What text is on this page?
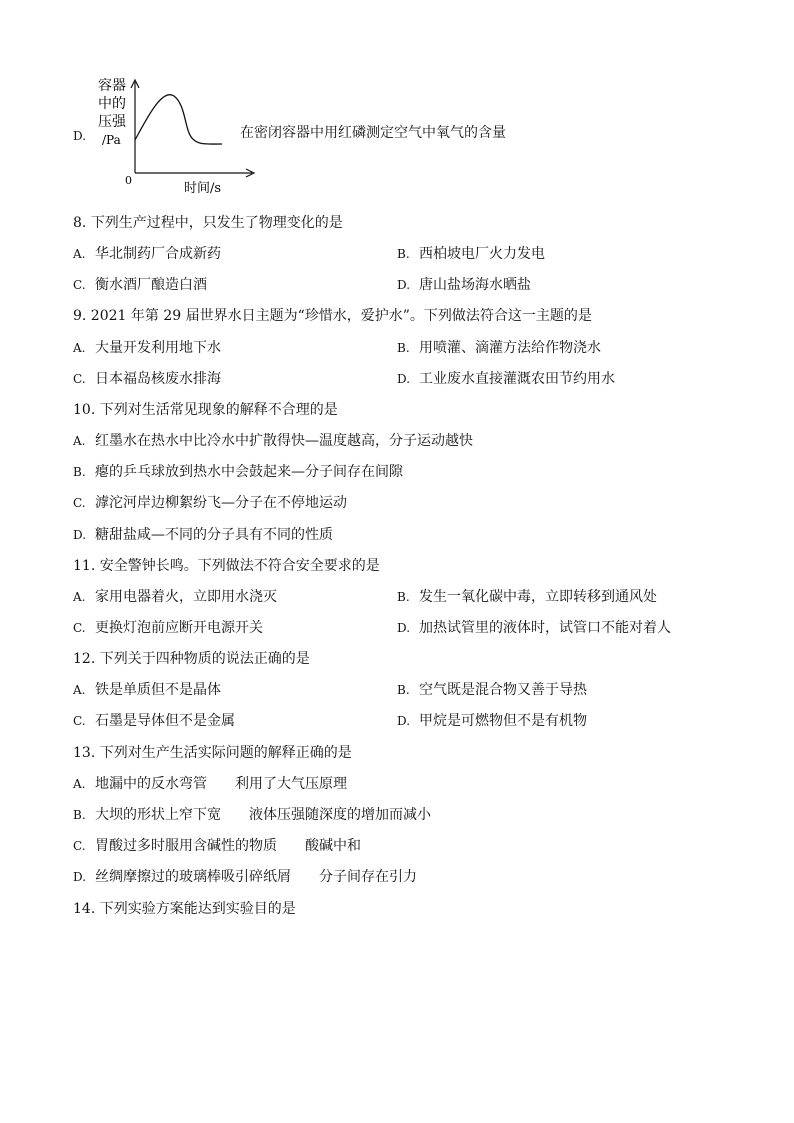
D.
容器
中的
压强
/Pa
0
时间/s
在密闭容器中用红磷测定空气中氧气的含量
8. 下列生产过程中，只发生了物理变化的是
A. 华北制药厂合成新药	B. 西柏坡电厂火力发电
C. 衡水酒厂酿造白酒	D. 唐山盐场海水晒盐
9. 2021 年第 29 届世界水日主题为“珍惜水，爱护水”。下列做法符合这一主题的是
A. 大量开发利用地下水	B. 用喷灌、滴灌方法给作物浇水
C. 日本福岛核废水排海	D. 工业废水直接灌溉农田节约用水
10. 下列对生活常见现象的解释不合理的是
A. 红墨水在热水中比冷水中扩散得快—温度越高，分子运动越快
B. 瘪的乒乓球放到热水中会鼓起来—分子间存在间隙
C. 滹沱河岸边柳絮纷飞—分子在不停地运动
D. 糖甜盐咸—不同的分子具有不同的性质
11. 安全警钟长鸣。下列做法不符合安全要求的是
A. 家用电器着火，立即用水浇灭	B. 发生一氧化碳中毒，立即转移到通风处
C. 更换灯泡前应断开电源开关	D. 加热试管里的液体时，试管口不能对着人
12. 下列关于四种物质的说法正确的是
A. 铁是单质但不是晶体	B. 空气既是混合物又善于导热
C. 石墨是导体但不是金属	D. 甲烷是可燃物但不是有机物
13. 下列对生产生活实际问题的解释正确的是
A. 地漏中的反水弯管 利用了大气压原理
B. 大坝的形状上窄下宽 液体压强随深度的增加而减小
C. 胃酸过多时服用含碱性的物质 酸碱中和
D. 丝绸摩擦过的玻璃棒吸引碎纸屑 分子间存在引力
14. 下列实验方案能达到实验目的是
